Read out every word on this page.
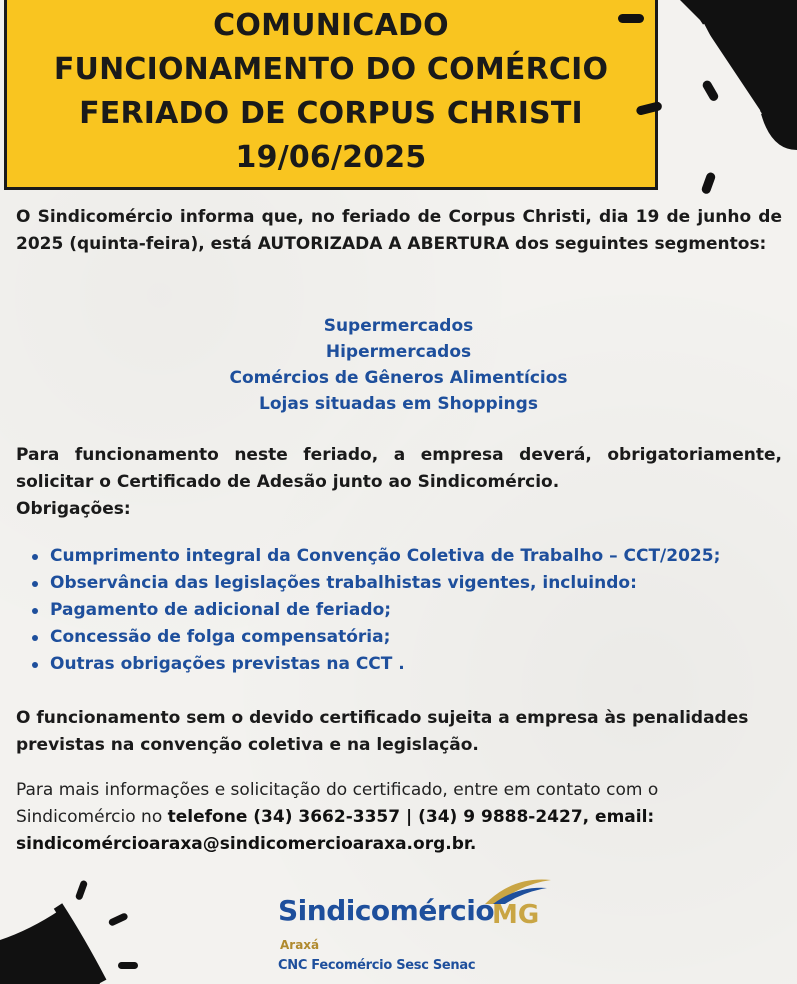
COMUNICADO
FUNCIONAMENTO DO COMÉRCIO
FERIADO DE CORPUS CHRISTI
19/06/2025
O Sindicomércio informa que, no feriado de Corpus Christi, dia 19 de junho de 2025 (quinta-feira), está AUTORIZADA A ABERTURA dos seguintes segmentos:
Supermercados
Hipermercados
Comércios de Gêneros Alimentícios
Lojas situadas em Shoppings
Para funcionamento neste feriado, a empresa deverá, obrigatoriamente, solicitar o Certificado de Adesão junto ao Sindicomércio.
Obrigações:
Cumprimento integral da Convenção Coletiva de Trabalho – CCT/2025;
Observância das legislações trabalhistas vigentes, incluindo:
Pagamento de adicional de feriado;
Concessão de folga compensatória;
Outras obrigações previstas na CCT .
O funcionamento sem o devido certificado sujeita a empresa às penalidades previstas na convenção coletiva e na legislação.
Para mais informações e solicitação do certificado, entre em contato com o Sindicomércio no telefone (34) 3662-3357 | (34) 9 9888-2427, email:
sindicomércioaraxa@sindicomercioaraxa.org.br.
Sindicomércio
MG
Araxá
CNC Fecomércio Sesc Senac
